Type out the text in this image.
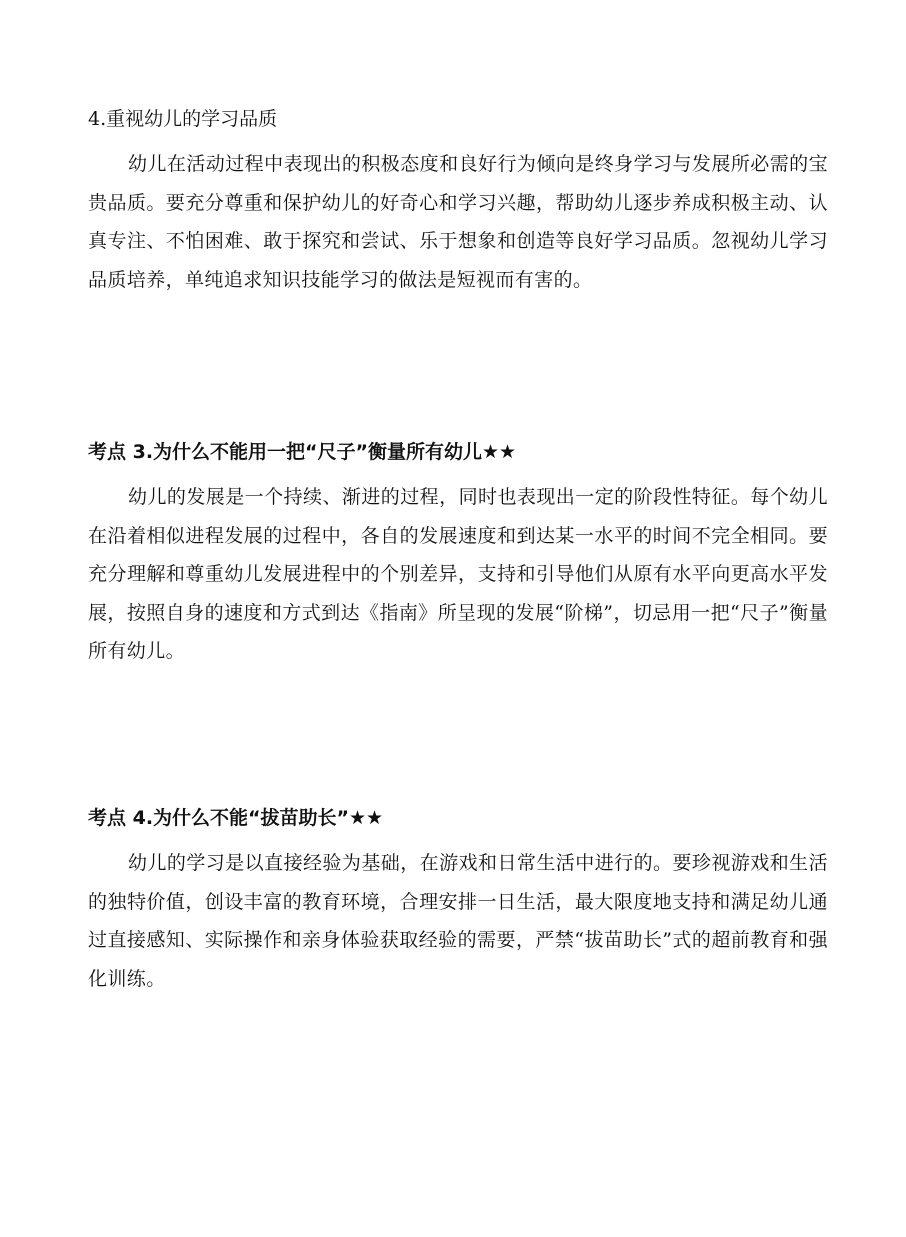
4.重视幼儿的学习品质

幼儿在活动过程中表现出的积极态度和良好行为倾向是终身学习与发展所必需的宝贵品质。要充分尊重和保护幼儿的好奇心和学习兴趣，帮助幼儿逐步养成积极主动、认真专注、不怕困难、敢于探究和尝试、乐于想象和创造等良好学习品质。忽视幼儿学习品质培养，单纯追求知识技能学习的做法是短视而有害的。

考点 3.为什么不能用一把“尺子”衡量所有幼儿★★

幼儿的发展是一个持续、渐进的过程，同时也表现出一定的阶段性特征。每个幼儿在沿着相似进程发展的过程中，各自的发展速度和到达某一水平的时间不完全相同。要充分理解和尊重幼儿发展进程中的个别差异，支持和引导他们从原有水平向更高水平发展，按照自身的速度和方式到达《指南》所呈现的发展“阶梯”，切忌用一把“尺子”衡量所有幼儿。

考点 4.为什么不能“拔苗助长”★★

幼儿的学习是以直接经验为基础，在游戏和日常生活中进行的。要珍视游戏和生活的独特价值，创设丰富的教育环境，合理安排一日生活，最大限度地支持和满足幼儿通过直接感知、实际操作和亲身体验获取经验的需要，严禁“拔苗助长”式的超前教育和强化训练。
